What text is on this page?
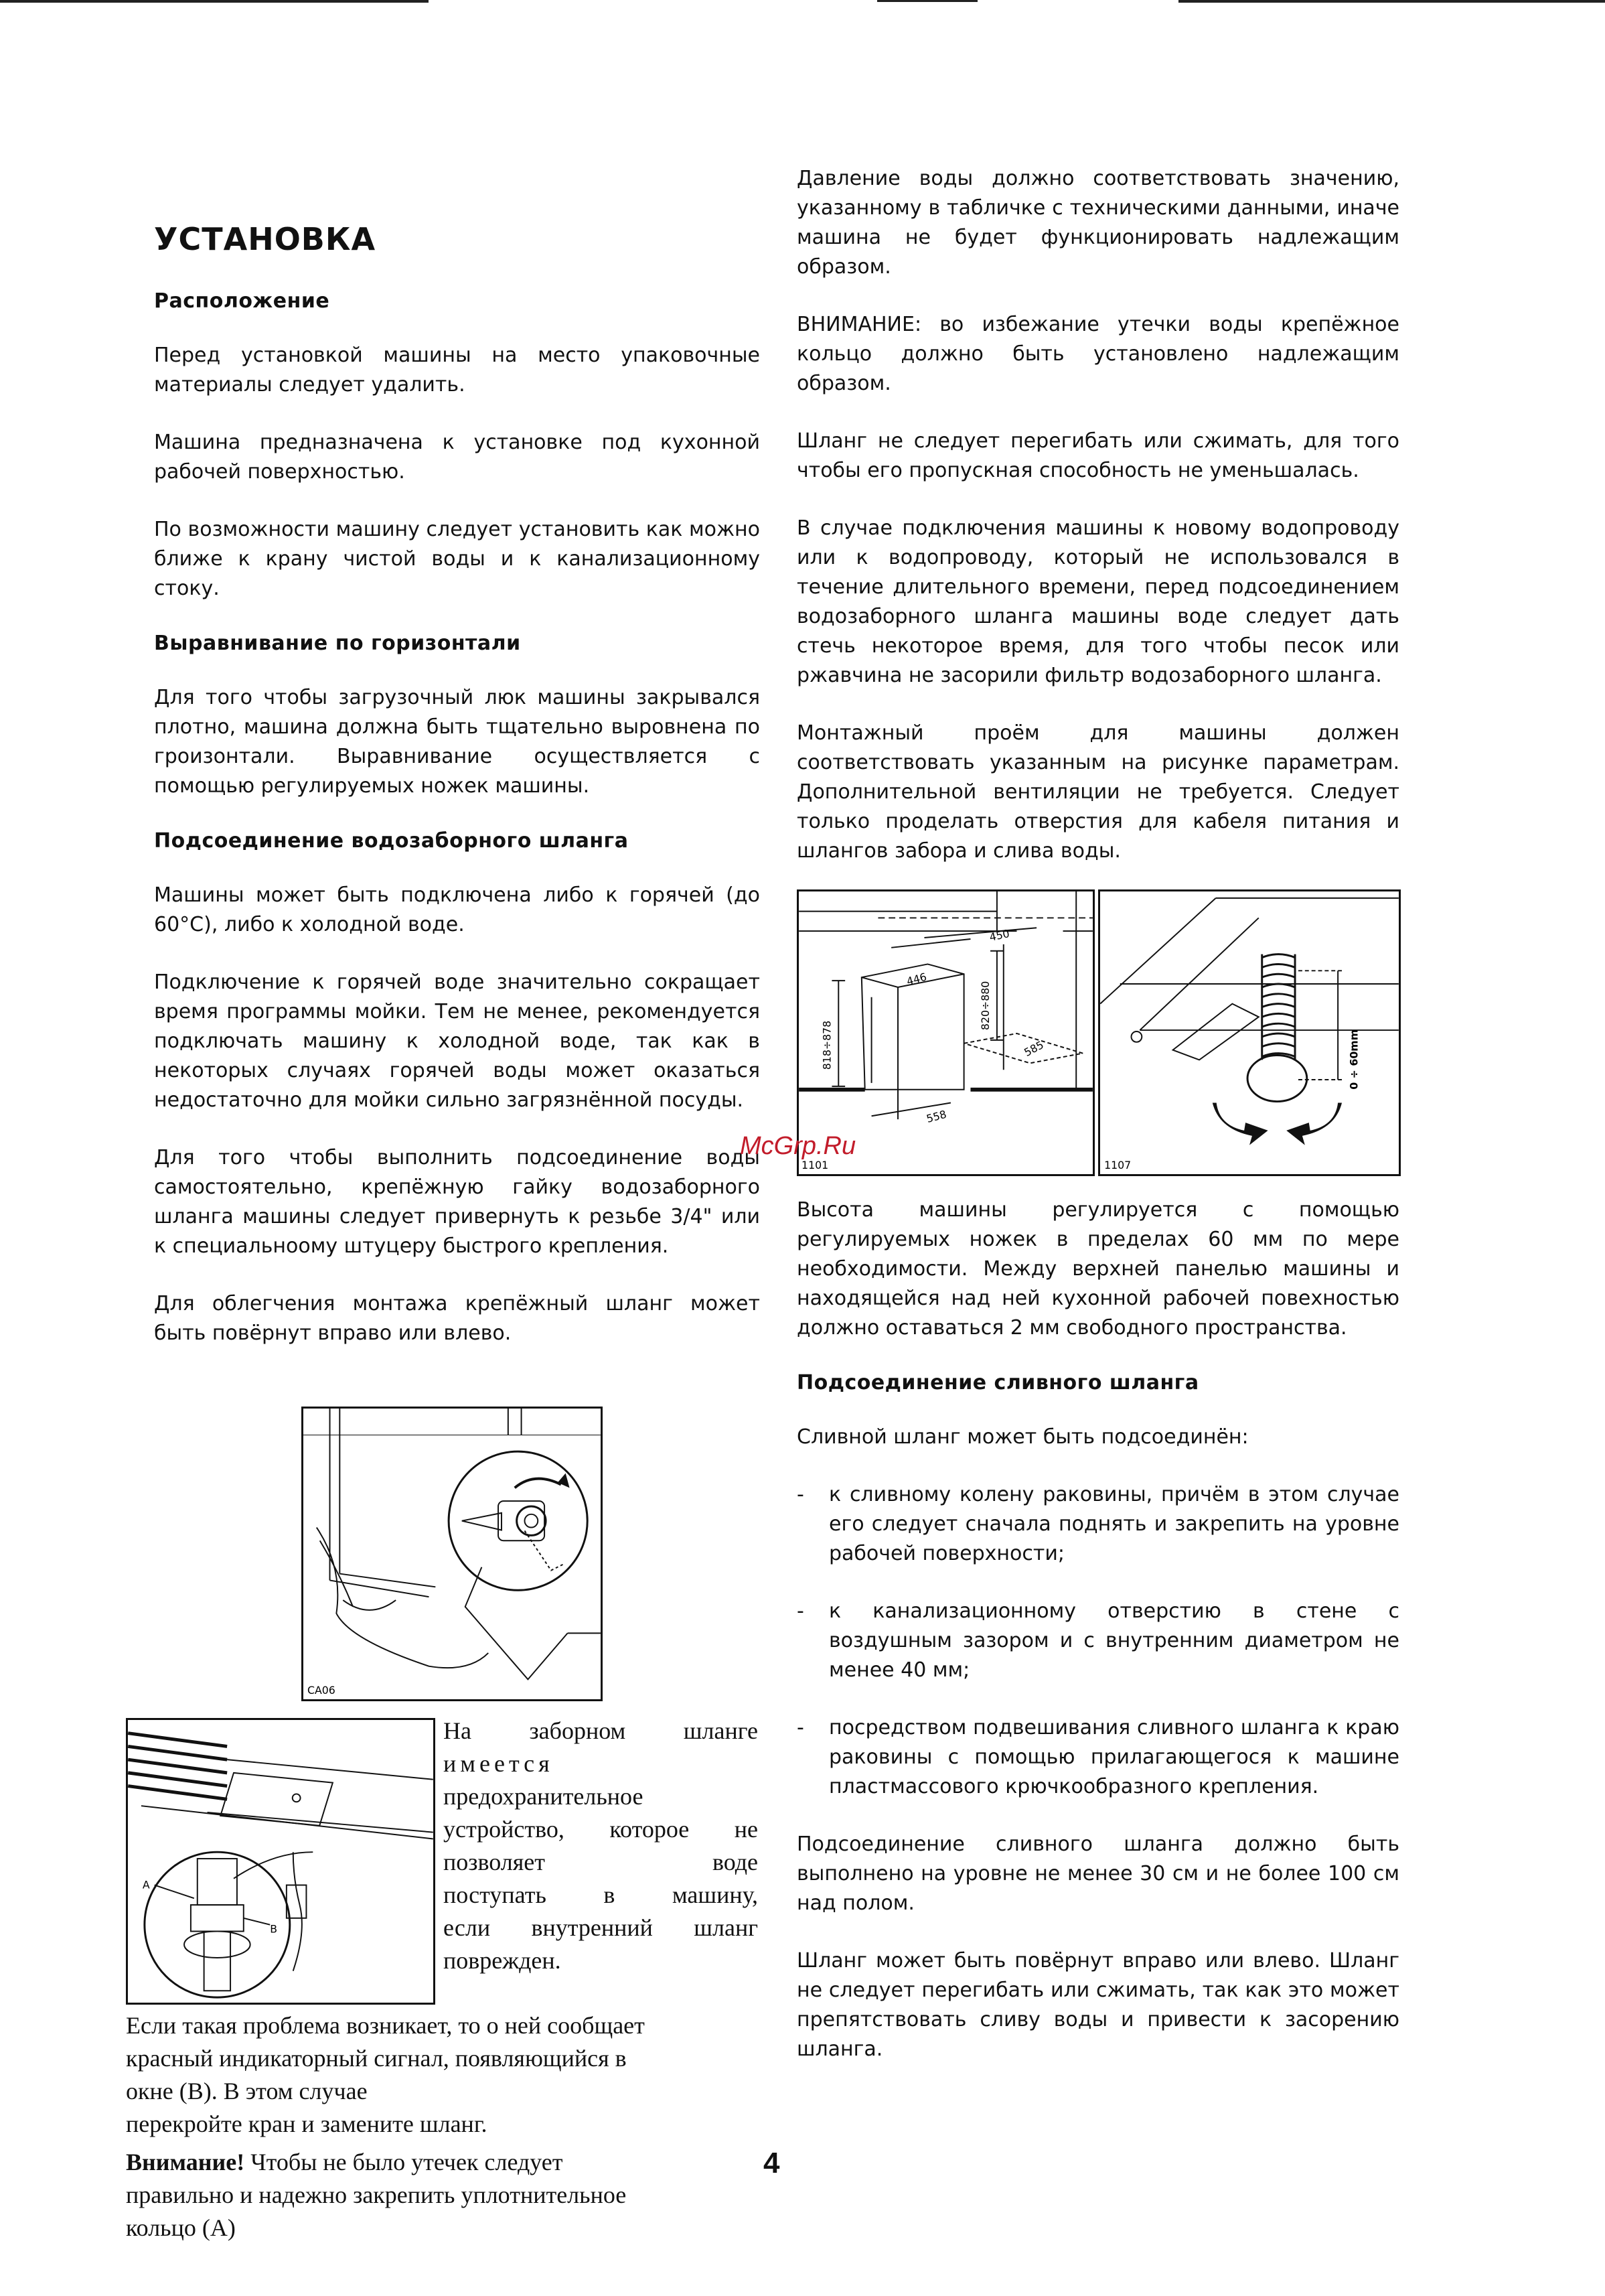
УСТАНОВКА
Расположение

Перед установкой машины на место упаковочные материалы следует удалить.

Машина предназначена к установке под кухонной рабочей поверхностью.

По возможности машину следует установить как можно ближе к крану чистой воды и к канализационному стоку.

Выравнивание по горизонтали

Для того чтобы загрузочный люк машины закрывался плотно, машина должна быть тщательно выровнена по гроизонтали. Выравнивание осуществляется с помощью регулируемых ножек машины.

Подсоединение водозаборного шланга

Машины может быть подключена либо к горячей (до 60°С), либо к холодной воде.

Подключение к горячей воде значительно сокращает время программы мойки. Тем не менее, рекомендуется подключать машину к холодной воде, так как в некоторых случаях горячей воды может оказаться недостаточно для мойки сильно загрязнённой посуды.

Для того чтобы выполнить подсоединение воды самостоятельно, крепёжную гайку водозаборного шланга машины следует привернуть к резьбе 3/4" или к специальноому штуцеру быстрого крепления.

Для облегчения монтажа крепёжный шланг может быть повёрнут вправо или влево.

Давление воды должно соответствовать значению, указанному в табличке с техническими данными, иначе машина не будет функционировать надлежащим образом.

ВНИМАНИЕ: во избежание утечки воды крепёжное кольцо должно быть установлено надлежащим образом.

Шланг не следует перегибать или сжимать, для того чтобы его пропускная способность не уменьшалась.

В случае подключения машины к новому водопроводу или к водопроводу, который не использовался в течение длительного времени, перед подсоединением водозаборного шланга машины воде следует дать стечь некоторое время, для того чтобы песок или ржавчина не засорили фильтр водозаборного шланга.

Монтажный проём для машины должен соответствовать указанным на рисунке параметрам. Дополнительной вентиляции не требуется. Следует только проделать отверстия для кабеля питания и шлангов забора и слива воды.

Высота машины регулируется с помощью регулируемых ножек в пределах 60 мм по мере необходимости. Между верхней панелью машины и находящейся над ней кухонной рабочей повехностью должно оставаться 2 мм свободного пространства.

Подсоединение сливного шланга

Сливной шланг может быть подсоединён:

- к сливному колену раковины, причём в этом случае его следует сначала поднять и закрепить на уровне рабочей поверхности;
- к канализационному отверстию в стене с воздушным зазором и с внутренним диаметром не менее 40 мм;
- посредством подвешивания сливного шланга к краю раковины с помощью прилагающегося к машине пластмассового крючкообразного крепления.

Подсоединение сливного шланга должно быть выполнено на уровне не менее 30 см и не более 100 см над полом.

Шланг может быть повёрнут вправо или влево. Шланг не следует перегибать или сжимать, так как это может препятствовать сливу воды и привести к засорению шланга.

450
446
820÷880
818÷878	585
558
1101
0 ÷ 60mm
1107
CA06
A
B
На заборном шланге
имеется
предохранительное
устройство, которое не
позволяет воде
поступать в машину,
если внутренний шланг
поврежден.
Если такая проблема возникает, то о ней сообщает
красный индикаторный сигнал, появляющийся в
окне (В). В этом случае
перекройте кран и замените шланг.
Внимание! Чтобы не было утечек следует
правильно и надежно закрепить уплотнительное
кольцо (А)
McGrp.Ru
4
